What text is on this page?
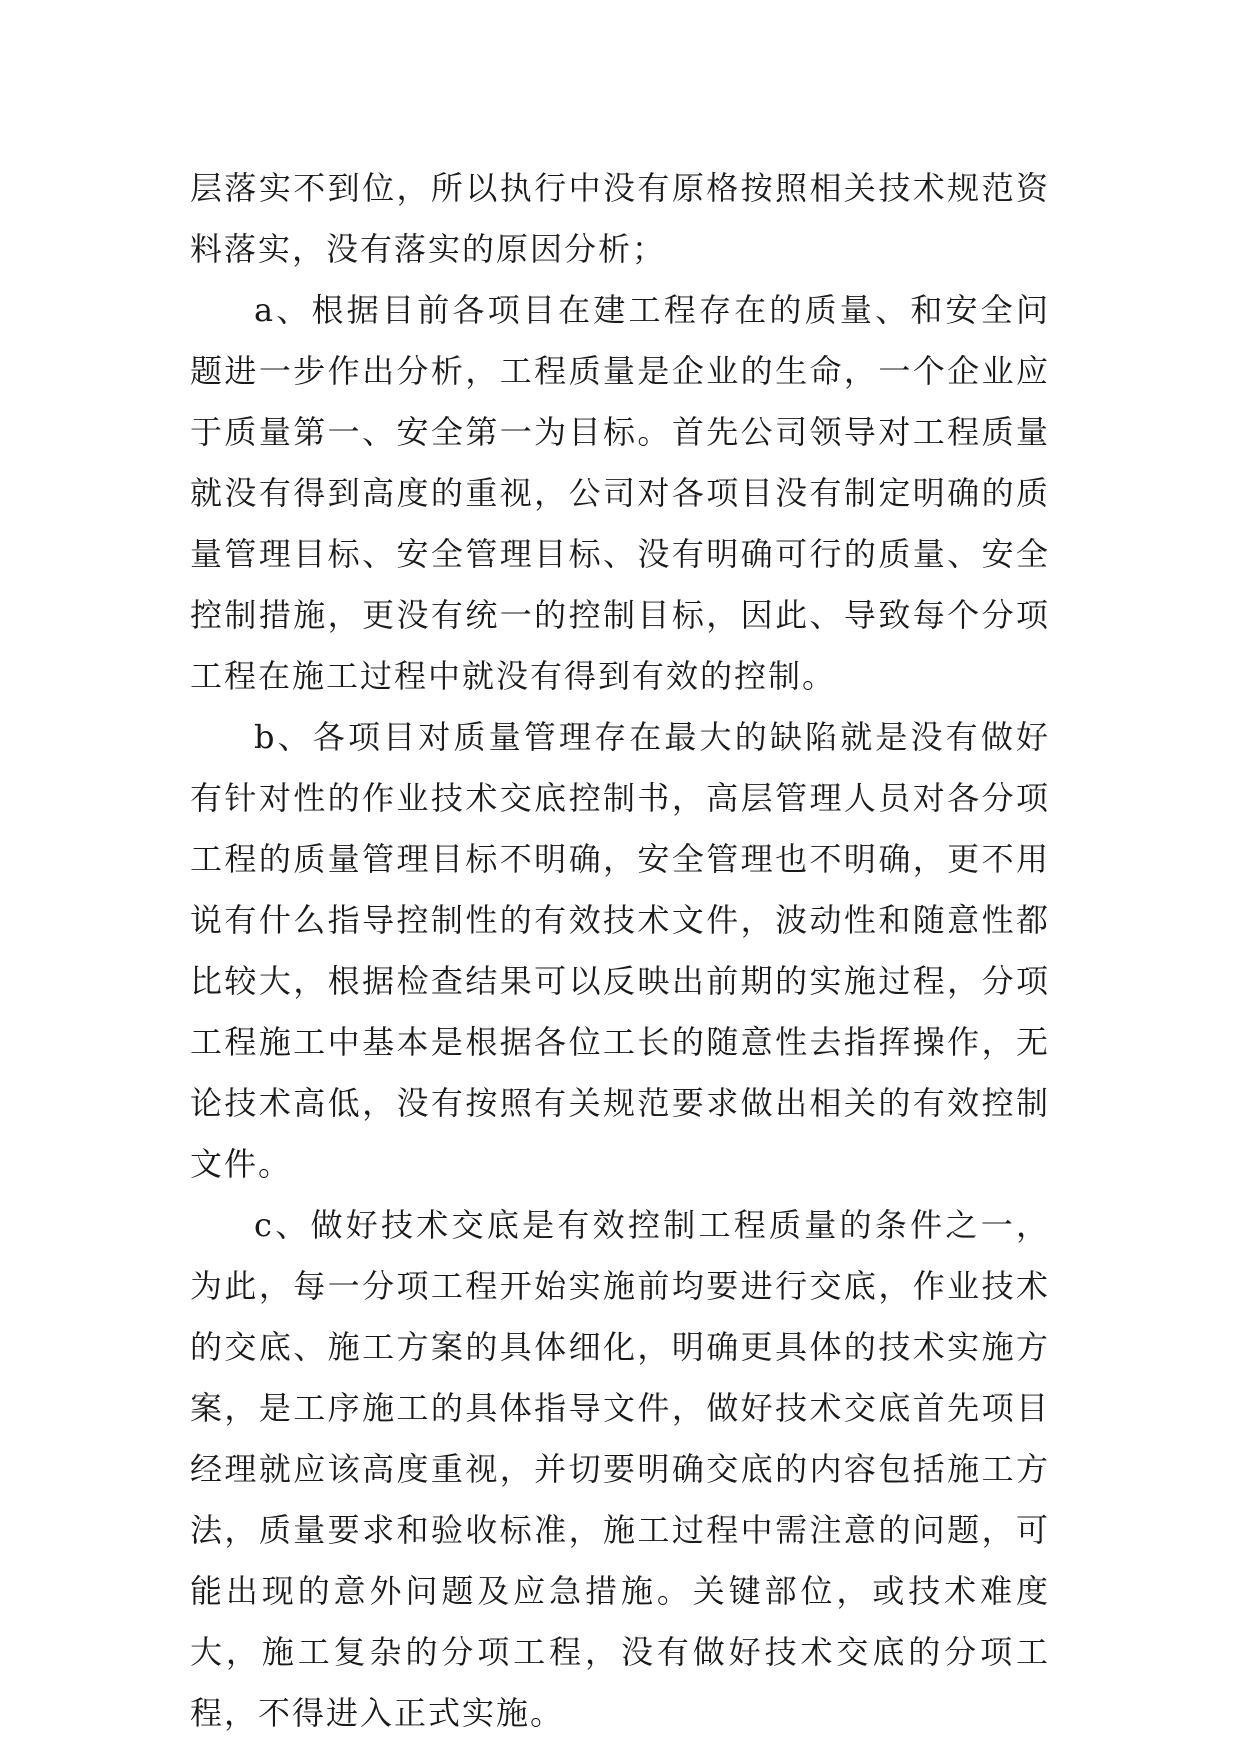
层落实不到位，所以执行中没有原格按照相关技术规范资料落实，没有落实的原因分析；

a、根据目前各项目在建工程存在的质量、和安全问题进一步作出分析，工程质量是企业的生命，一个企业应于质量第一、安全第一为目标。首先公司领导对工程质量就没有得到高度的重视，公司对各项目没有制定明确的质量管理目标、安全管理目标、没有明确可行的质量、安全控制措施，更没有统一的控制目标，因此、导致每个分项工程在施工过程中就没有得到有效的控制。

b、各项目对质量管理存在最大的缺陷就是没有做好有针对性的作业技术交底控制书，高层管理人员对各分项工程的质量管理目标不明确，安全管理也不明确，更不用说有什么指导控制性的有效技术文件，波动性和随意性都比较大，根据检查结果可以反映出前期的实施过程，分项工程施工中基本是根据各位工长的随意性去指挥操作，无论技术高低，没有按照有关规范要求做出相关的有效控制文件。

c、做好技术交底是有效控制工程质量的条件之一，为此，每一分项工程开始实施前均要进行交底，作业技术的交底、施工方案的具体细化，明确更具体的技术实施方案，是工序施工的具体指导文件，做好技术交底首先项目经理就应该高度重视，并切要明确交底的内容包括施工方法，质量要求和验收标准，施工过程中需注意的问题，可能出现的意外问题及应急措施。关键部位，或技术难度大，施工复杂的分项工程，没有做好技术交底的分项工程，不得进入正式实施。
